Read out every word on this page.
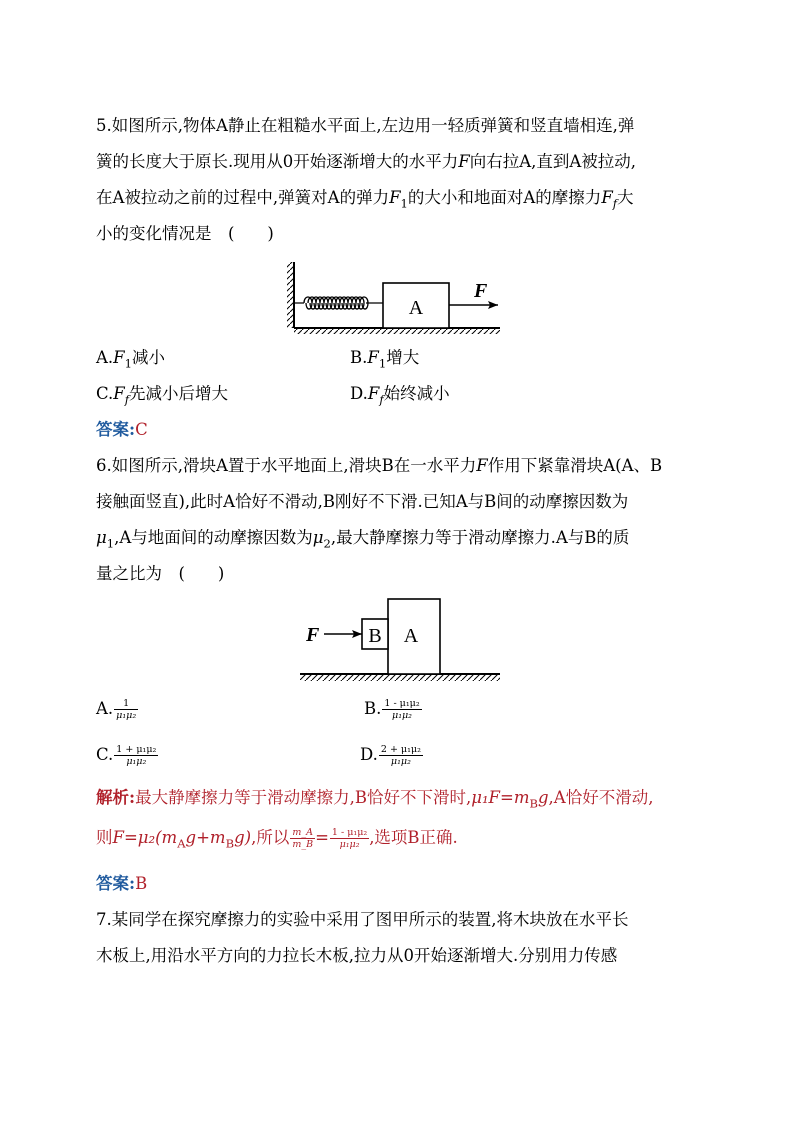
5.如图所示,物体A静止在粗糙水平面上,左边用一轻质弹簧和竖直墙相连,弹
簧的长度大于原长.现用从0开始逐渐增大的水平力F向右拉A,直到A被拉动,
在A被拉动之前的过程中,弹簧对A的弹力$F_1$的大小和地面对A的摩擦力$F_f$大
小的变化情况是　(　　)
A
F
$A.F_1$减小	$B.F_1$增大
$C.F_f$先减小后增大	$D.F_f$始终减小
答案:C
6.如图所示,滑块A置于水平地面上,滑块B在一水平力F作用下紧靠滑块A(A、B
接触面竖直),此时A恰好不滑动,B刚好不下滑.已知A与B间的动摩擦因数为
$\mu_1,A$与地面间的动摩擦因数为$\mu_2$,最大静摩擦力等于滑动摩擦力.A与B的质
量之比为　(　　)
A
B
F
A. $\frac{1}{\text{μ₁μ₂}}$	B. $\frac{\text{1 - μ₁μ₂}}{\text{μ₁μ₂}}$
C. $\frac{\text{1 + μ₁μ₂}}{\text{μ₁μ₂}}$	D. $\frac{\text{2 + μ₁μ₂}}{\text{μ₁μ₂}}$
解析:最大静摩擦力等于滑动摩擦力,B恰好不下滑时$,\mu_1F=m_Bg,A$恰好不滑动,
则$F=\mu_2(m_Ag+m_Bg)$,所以 $\frac{m\_A}{m\_B} = \frac{\text{1 - μ₁μ₂}}{\text{μ₁μ₂}}$ ,选项B正确.
答案:B
7.某同学在探究摩擦力的实验中采用了图甲所示的装置,将木块放在水平长
木板上,用沿水平方向的力拉长木板,拉力从0开始逐渐增大.分别用力传感
